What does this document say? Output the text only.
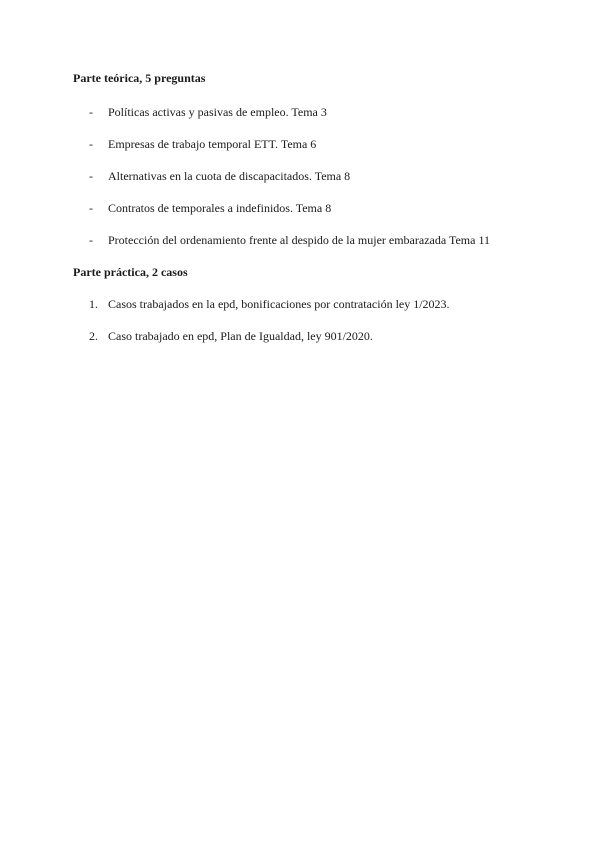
Parte teórica, 5 preguntas
-	Políticas activas y pasivas de empleo. Tema 3
-	Empresas de trabajo temporal ETT. Tema 6
-	Alternativas en la cuota de discapacitados. Tema 8
-	Contratos de temporales a indefinidos. Tema 8
-	Protección del ordenamiento frente al despido de la mujer embarazada Tema 11
Parte práctica, 2 casos
1. Casos trabajados en la epd, bonificaciones por contratación ley 1/2023.
2. Caso trabajado en epd, Plan de Igualdad, ley 901/2020.
